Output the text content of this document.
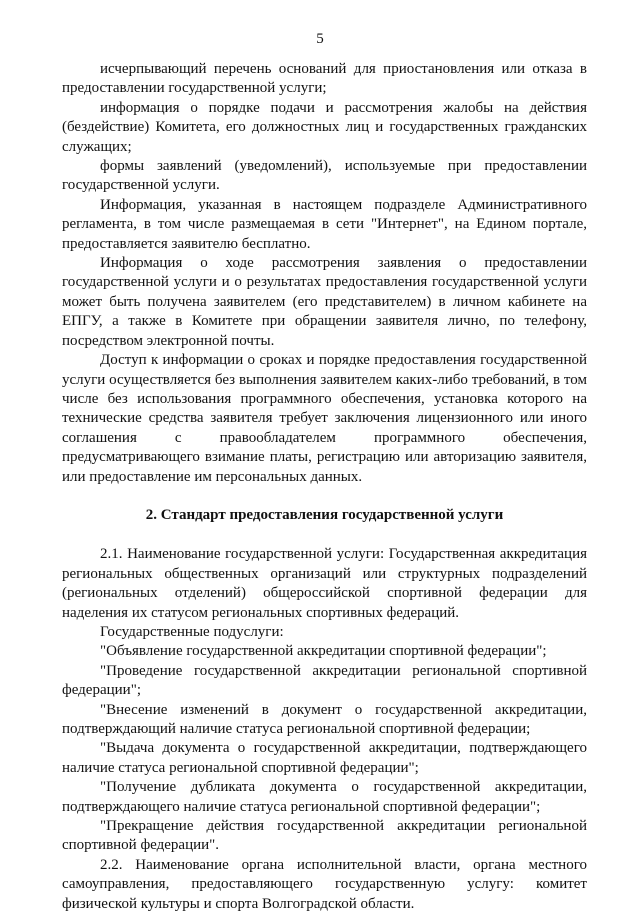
5

исчерпывающий перечень оснований для приостановления или отказа в предоставлении государственной услуги;

информация о порядке подачи и рассмотрения жалобы на действия (бездействие) Комитета, его должностных лиц и государственных гражданских служащих;

формы заявлений (уведомлений), используемые при предоставлении государственной услуги.

Информация, указанная в настоящем подразделе Административного регламента, в том числе размещаемая в сети "Интернет", на Едином портале, предоставляется заявителю бесплатно.

Информация о ходе рассмотрения заявления о предоставлении государственной услуги и о результатах предоставления государственной услуги может быть получена заявителем (его представителем) в личном кабинете на ЕПГУ, а также в Комитете при обращении заявителя лично, по телефону, посредством электронной почты.

Доступ к информации о сроках и порядке предоставления государственной услуги осуществляется без выполнения заявителем каких-либо требований, в том числе без использования программного обеспечения, установка которого на технические средства заявителя требует заключения лицензионного или иного соглашения с правообладателем программного обеспечения, предусматривающего взимание платы, регистрацию или авторизацию заявителя, или предоставление им персональных данных.

2. Стандарт предоставления государственной услуги

2.1. Наименование государственной услуги: Государственная аккредитация региональных общественных организаций или структурных подразделений (региональных отделений) общероссийской спортивной федерации для наделения их статусом региональных спортивных федераций.

Государственные подуслуги:

"Объявление государственной аккредитации спортивной федерации";

"Проведение государственной аккредитации региональной спортивной федерации";

"Внесение изменений в документ о государственной аккредитации, подтверждающий наличие статуса региональной спортивной федерации;

"Выдача документа о государственной аккредитации, подтверждающего наличие статуса региональной спортивной федерации";

"Получение дубликата документа о государственной аккредитации, подтверждающего наличие статуса региональной спортивной федерации";

"Прекращение действия государственной аккредитации региональной спортивной федерации".

2.2. Наименование органа исполнительной власти, органа местного самоуправления, предоставляющего государственную услугу: комитет физической культуры и спорта Волгоградской области.
